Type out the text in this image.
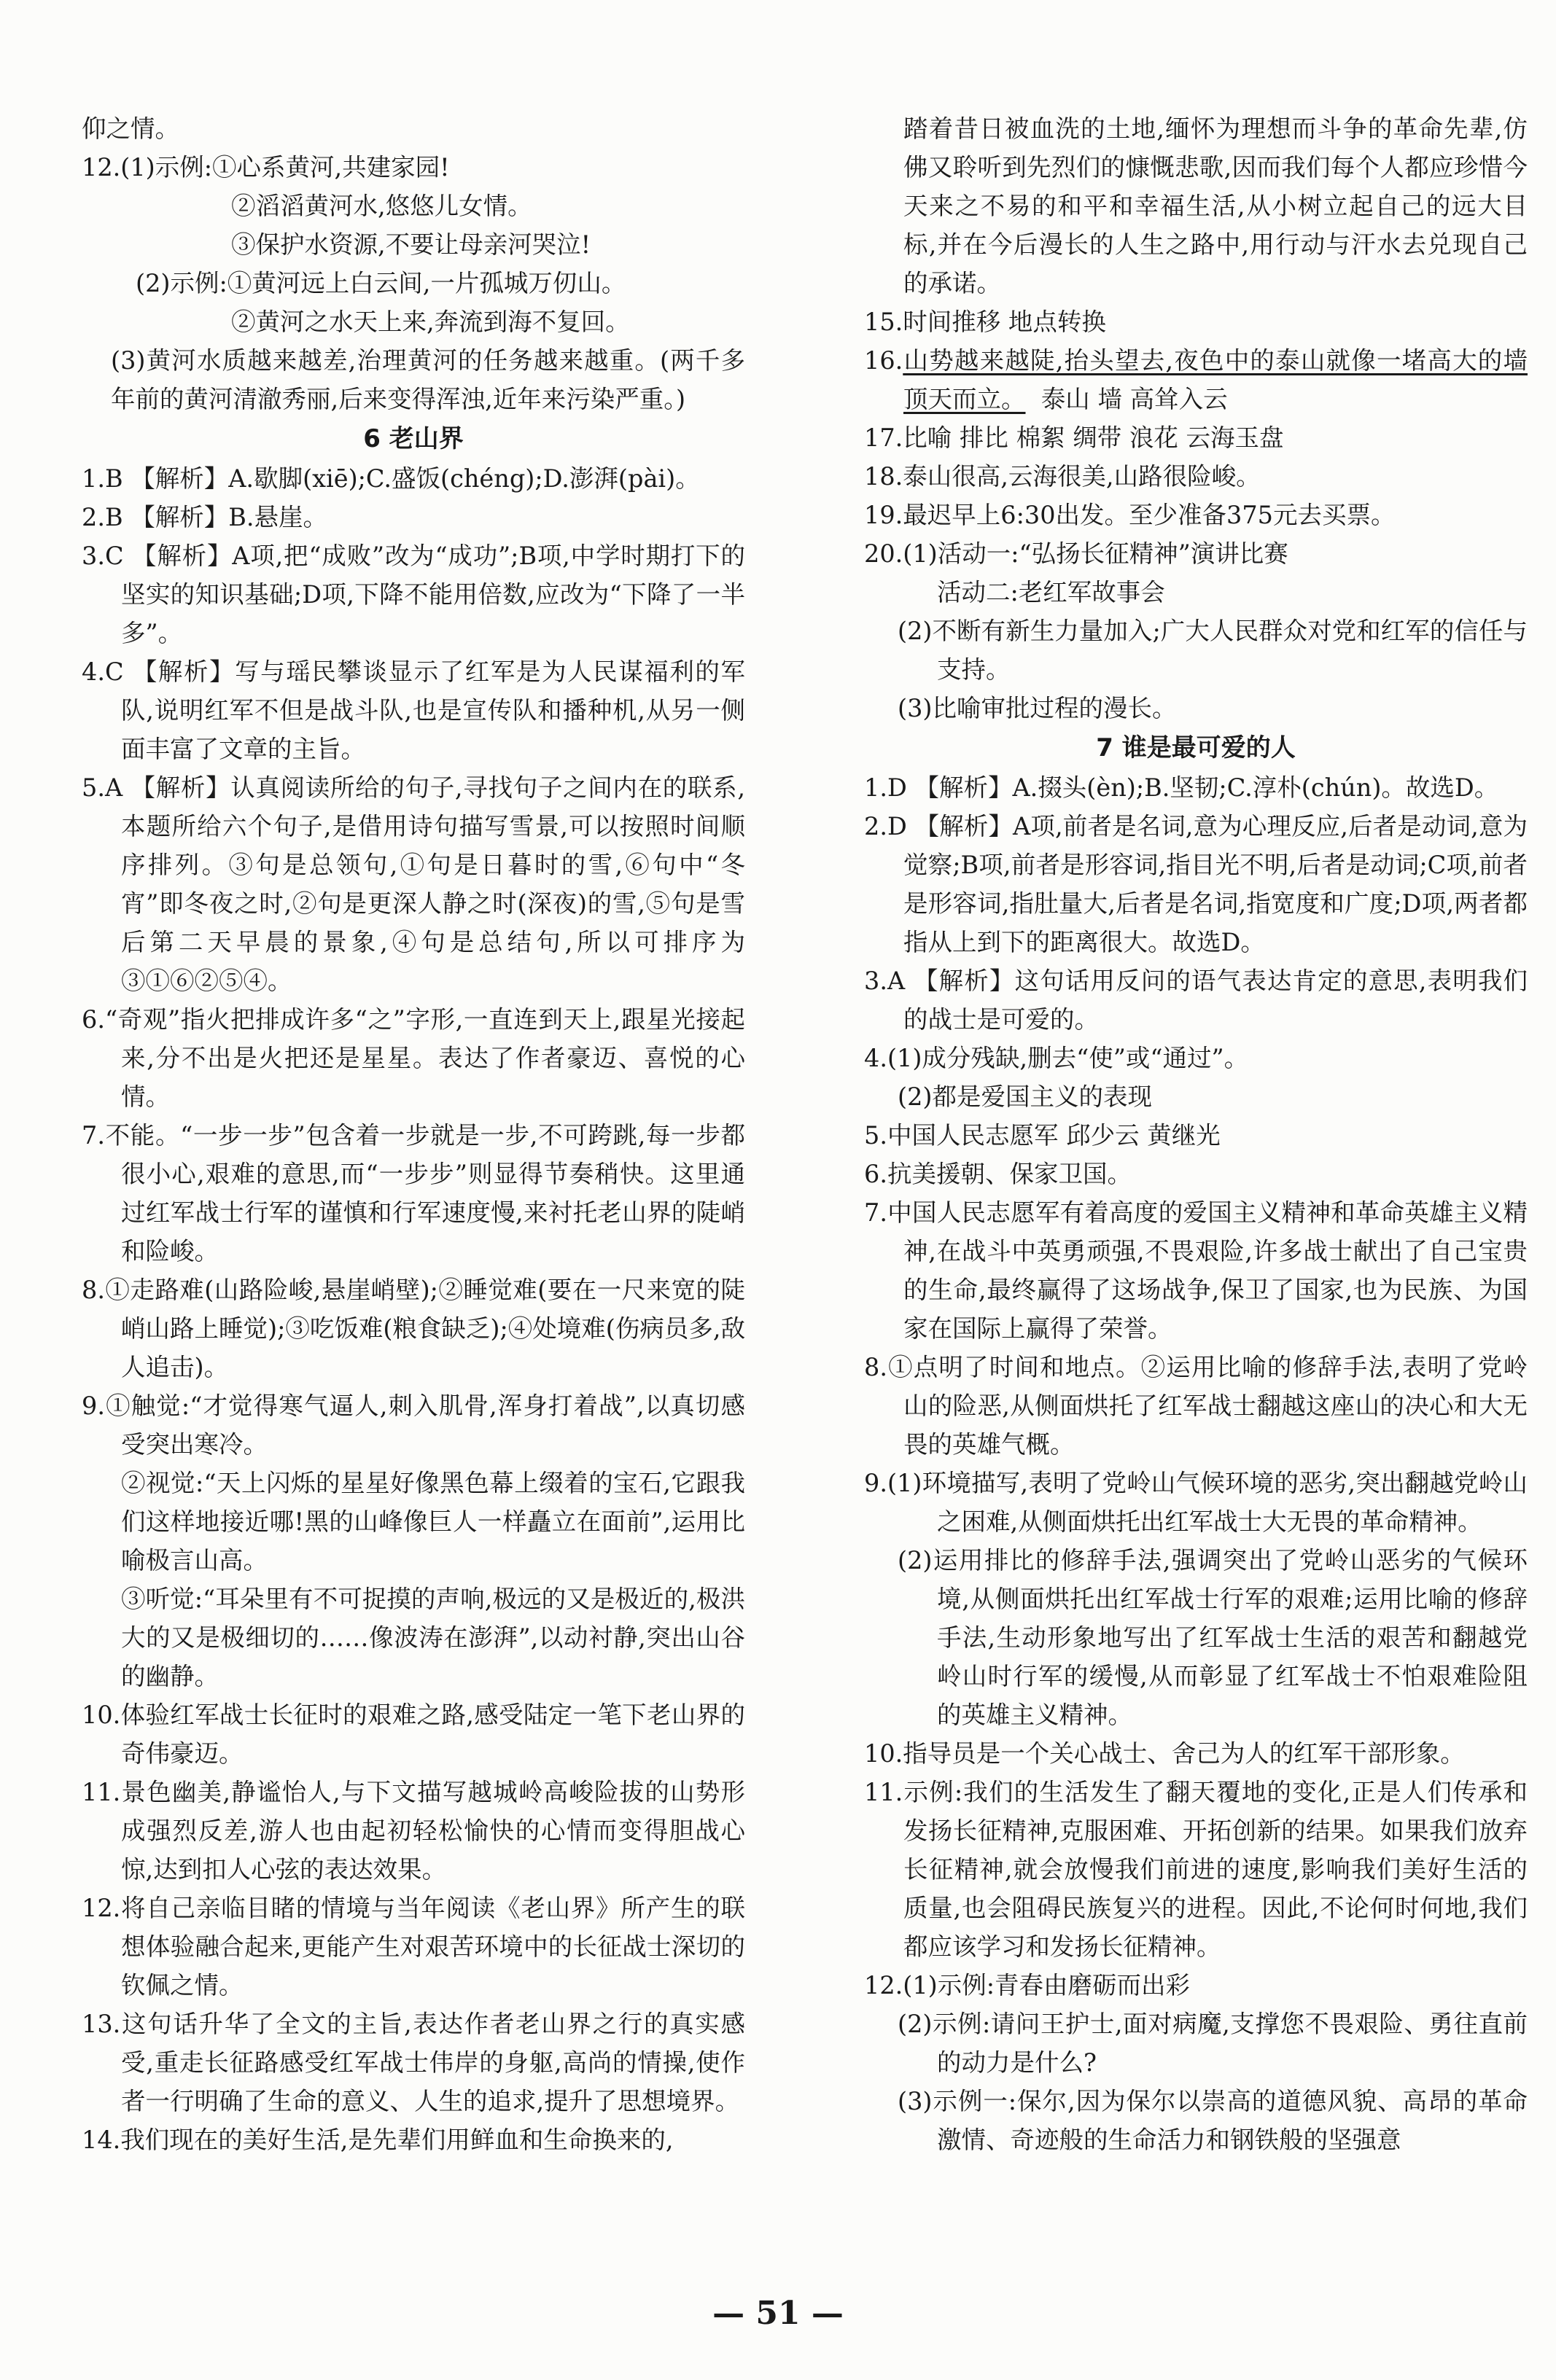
仰之情。

12.(1)示例:①心系黄河,共建家园!

②滔滔黄河水,悠悠儿女情。

③保护水资源,不要让母亲河哭泣!

(2)示例:①黄河远上白云间,一片孤城万仞山。

②黄河之水天上来,奔流到海不复回。

(3)黄河水质越来越差,治理黄河的任务越来越重。(两千多年前的黄河清澈秀丽,后来变得浑浊,近年来污染严重。)

6 老山界

1.B 【解析】A.歇脚(xiē);C.盛饭(chéng);D.澎湃(pài)。

2.B 【解析】B.悬崖。

3.C 【解析】A项,把“成败”改为“成功”;B项,中学时期打下的坚实的知识基础;D项,下降不能用倍数,应改为“下降了一半多”。

4.C 【解析】写与瑶民攀谈显示了红军是为人民谋福利的军队,说明红军不但是战斗队,也是宣传队和播种机,从另一侧面丰富了文章的主旨。

5.A 【解析】认真阅读所给的句子,寻找句子之间内在的联系,本题所给六个句子,是借用诗句描写雪景,可以按照时间顺序排列。③句是总领句,①句是日暮时的雪,⑥句中“冬宵”即冬夜之时,②句是更深人静之时(深夜)的雪,⑤句是雪后第二天早晨的景象,④句是总结句,所以可排序为③①⑥②⑤④。

6.“奇观”指火把排成许多“之”字形,一直连到天上,跟星光接起来,分不出是火把还是星星。表达了作者豪迈、喜悦的心情。

7.不能。“一步一步”包含着一步就是一步,不可跨跳,每一步都很小心,艰难的意思,而“一步步”则显得节奏稍快。这里通过红军战士行军的谨慎和行军速度慢,来衬托老山界的陡峭和险峻。

8.①走路难(山路险峻,悬崖峭壁);②睡觉难(要在一尺来宽的陡峭山路上睡觉);③吃饭难(粮食缺乏);④处境难(伤病员多,敌人追击)。

9.①触觉:“才觉得寒气逼人,刺入肌骨,浑身打着战”,以真切感受突出寒冷。

②视觉:“天上闪烁的星星好像黑色幕上缀着的宝石,它跟我们这样地接近哪!黑的山峰像巨人一样矗立在面前”,运用比喻极言山高。

③听觉:“耳朵里有不可捉摸的声响,极远的又是极近的,极洪大的又是极细切的……像波涛在澎湃”,以动衬静,突出山谷的幽静。

10.体验红军战士长征时的艰难之路,感受陆定一笔下老山界的奇伟豪迈。

11.景色幽美,静谧怡人,与下文描写越城岭高峻险拔的山势形成强烈反差,游人也由起初轻松愉快的心情而变得胆战心惊,达到扣人心弦的表达效果。

12.将自己亲临目睹的情境与当年阅读《老山界》所产生的联想体验融合起来,更能产生对艰苦环境中的长征战士深切的钦佩之情。

13.这句话升华了全文的主旨,表达作者老山界之行的真实感受,重走长征路感受红军战士伟岸的身躯,高尚的情操,使作者一行明确了生命的意义、人生的追求,提升了思想境界。

14.我们现在的美好生活,是先辈们用鲜血和生命换来的,

踏着昔日被血洗的土地,缅怀为理想而斗争的革命先辈,仿佛又聆听到先烈们的慷慨悲歌,因而我们每个人都应珍惜今天来之不易的和平和幸福生活,从小树立起自己的远大目标,并在今后漫长的人生之路中,用行动与汗水去兑现自己的承诺。

15.时间推移 地点转换

16.山势越来越陡,抬头望去,夜色中的泰山就像一堵高大的墙顶天而立。 泰山 墙 高耸入云

17.比喻 排比 棉絮 绸带 浪花 云海玉盘

18.泰山很高,云海很美,山路很险峻。

19.最迟早上6:30出发。至少准备375元去买票。

20.(1)活动一:“弘扬长征精神”演讲比赛

活动二:老红军故事会

(2)不断有新生力量加入;广大人民群众对党和红军的信任与支持。

(3)比喻审批过程的漫长。

7 谁是最可爱的人

1.D 【解析】A.掇头(èn);B.坚韧;C.淳朴(chún)。故选D。

2.D 【解析】A项,前者是名词,意为心理反应,后者是动词,意为觉察;B项,前者是形容词,指目光不明,后者是动词;C项,前者是形容词,指肚量大,后者是名词,指宽度和广度;D项,两者都指从上到下的距离很大。故选D。

3.A 【解析】这句话用反问的语气表达肯定的意思,表明我们的战士是可爱的。

4.(1)成分残缺,删去“使”或“通过”。

(2)都是爱国主义的表现

5.中国人民志愿军 邱少云 黄继光

6.抗美援朝、保家卫国。

7.中国人民志愿军有着高度的爱国主义精神和革命英雄主义精神,在战斗中英勇顽强,不畏艰险,许多战士献出了自己宝贵的生命,最终赢得了这场战争,保卫了国家,也为民族、为国家在国际上赢得了荣誉。

8.①点明了时间和地点。②运用比喻的修辞手法,表明了党岭山的险恶,从侧面烘托了红军战士翻越这座山的决心和大无畏的英雄气概。

9.(1)环境描写,表明了党岭山气候环境的恶劣,突出翻越党岭山之困难,从侧面烘托出红军战士大无畏的革命精神。

(2)运用排比的修辞手法,强调突出了党岭山恶劣的气候环境,从侧面烘托出红军战士行军的艰难;运用比喻的修辞手法,生动形象地写出了红军战士生活的艰苦和翻越党岭山时行军的缓慢,从而彰显了红军战士不怕艰难险阻的英雄主义精神。

10.指导员是一个关心战士、舍己为人的红军干部形象。

11.示例:我们的生活发生了翻天覆地的变化,正是人们传承和发扬长征精神,克服困难、开拓创新的结果。如果我们放弃长征精神,就会放慢我们前进的速度,影响我们美好生活的质量,也会阻碍民族复兴的进程。因此,不论何时何地,我们都应该学习和发扬长征精神。

12.(1)示例:青春由磨砺而出彩

(2)示例:请问王护士,面对病魔,支撑您不畏艰险、勇往直前的动力是什么?

(3)示例一:保尔,因为保尔以崇高的道德风貌、高昂的革命激情、奇迹般的生命活力和钢铁般的坚强意

— 51 —
